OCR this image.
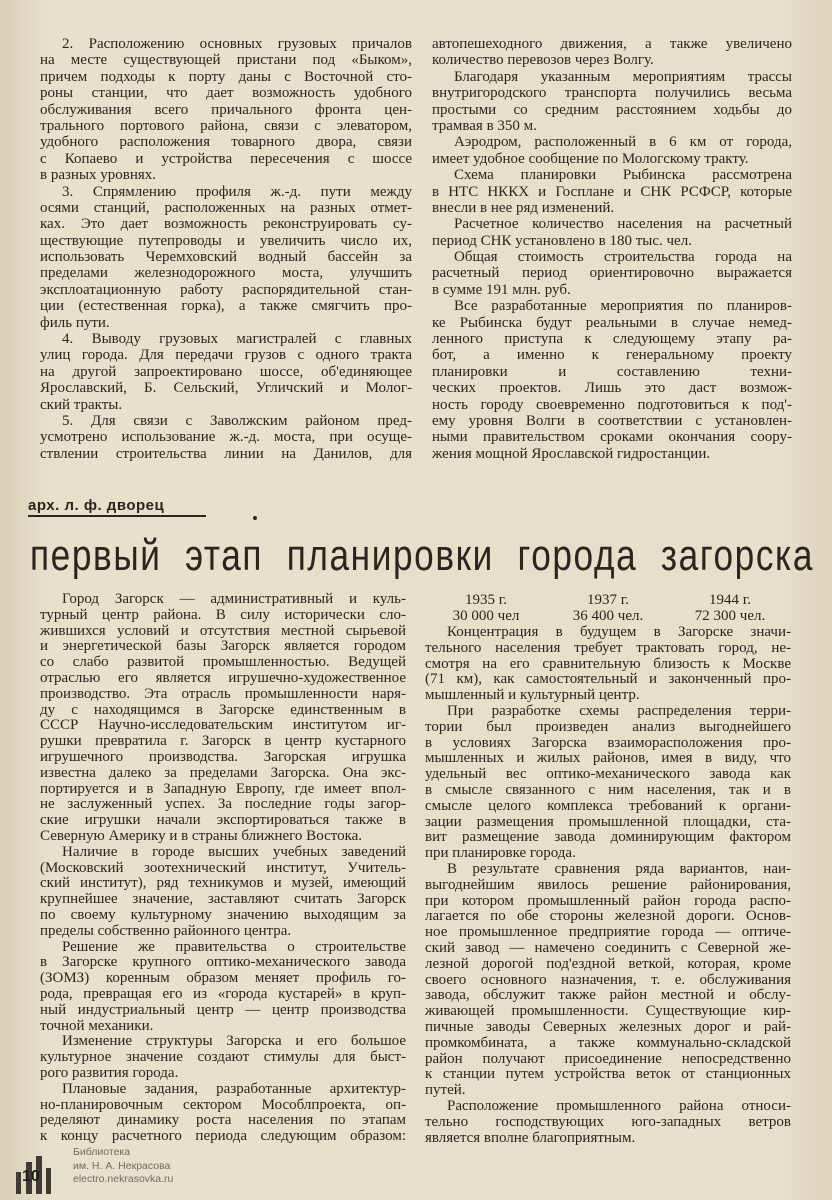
2. Расположению основных грузовых причалов
на месте существующей пристани под «Быком»,
причем подходы к порту даны с Восточной сто-
роны станции, что дает возможность удобного
обслуживания всего причального фронта цен-
трального портового района, связи с элеватором,
удобного расположения товарного двора, связи
с Копаево и устройства пересечения с шоссе
в разных уровнях.
3. Спрямлению профиля ж.-д. пути между
осями станций, расположенных на разных отмет-
ках. Это дает возможность реконструировать су-
ществующие путепроводы и увеличить число их,
использовать Черемховский водный бассейн за
пределами железнодорожного моста, улучшить
эксплоатационную работу распорядительной стан-
ции (естественная горка), а также смягчить про-
филь пути.
4. Выводу грузовых магистралей с главных
улиц города. Для передачи грузов с одного тракта
на другой запроектировано шоссе, об'единяющее
Ярославский, Б. Сельский, Угличский и Молог-
ский тракты.
5. Для связи с Заволжским районом пред-
усмотрено использование ж.-д. моста, при осуще-
ствлении строительства линии на Данилов, для
автопешеходного движения, а также увеличено
количество перевозов через Волгу.
Благодаря указанным мероприятиям трассы
внутригородского транспорта получились весьма
простыми со средним расстоянием ходьбы до
трамвая в 350 м.
Аэродром, расположенный в 6 км от города,
имеет удобное сообщение по Мологскому тракту.
Схема планировки Рыбинска рассмотрена
в НТС НККХ и Госплане и СНК РСФСР, которые
внесли в нее ряд изменений.
Расчетное количество населения на расчетный
период СНК установлено в 180 тыс. чел.
Общая стоимость строительства города на
расчетный период ориентировочно выражается
в сумме 191 млн. руб.
Все разработанные мероприятия по планиров-
ке Рыбинска будут реальными в случае немед-
ленного приступа к следующему этапу ра-
бот, а именно к генеральному проекту
планировки и составлению техни-
ческих проектов. Лишь это даст возмож-
ность городу своевременно подготовиться к под'-
ему уровня Волги в соответствии с установлен-
ными правительством сроками окончания соору-
жения мощной Ярославской гидростанции.
арх. л. ф. дворец
первый этап планировки города загорска
Город Загорск — административный и куль-
турный центр района. В силу исторически сло-
жившихся условий и отсутствия местной сырьевой
и энергетической базы Загорск является городом
со слабо развитой промышленностью. Ведущей
отраслью его является игрушечно-художественное
производство. Эта отрасль промышленности наря-
ду с находящимся в Загорске единственным в
СССР Научно-исследовательским институтом иг-
рушки превратила г. Загорск в центр кустарного
игрушечного производства. Загорская игрушка
известна далеко за пределами Загорска. Она экс-
портируется и в Западную Европу, где имеет впол-
не заслуженный успех. За последние годы загор-
ские игрушки начали экспортироваться также в
Северную Америку и в страны ближнего Востока.
Наличие в городе высших учебных заведений
(Московский зоотехнический институт, Учитель-
ский институт), ряд техникумов и музей, имеющий
крупнейшее значение, заставляют считать Загорск
по своему культурному значению выходящим за
пределы собственно районного центра.
Решение же правительства о строительстве
в Загорске крупного оптико-механического завода
(ЗОМЗ) коренным образом меняет профиль го-
рода, превращая его из «города кустарей» в круп-
ный индустриальный центр — центр производства
точной механики.
Изменение структуры Загорска и его большое
культурное значение создают стимулы для быст-
рого развития города.
Плановые задания, разработанные архитектур-
но-планировочным сектором Мособлпроекта, оп-
ределяют динамику роста населения по этапам
к концу расчетного периода следующим образом:
1935 г.	1937 г.	1944 г.
30 000 чел	36 400 чел.	72 300 чел.
Концентрация в будущем в Загорске значи-
тельного населения требует трактовать город, не-
смотря на его сравнительную близость к Москве
(71 км), как самостоятельный и законченный про-
мышленный и культурный центр.
При разработке схемы распределения терри-
тории был произведен анализ выгоднейшего
в условиях Загорска взаиморасположения про-
мышленных и жилых районов, имея в виду, что
удельный вес оптико-механического завода как
в смысле связанного с ним населения, так и в
смысле целого комплекса требований к органи-
зации размещения промышленной площадки, ста-
вит размещение завода доминирующим фактором
при планировке города.
В результате сравнения ряда вариантов, наи-
выгоднейшим явилось решение районирования,
при котором промышленный район города распо-
лагается по обе стороны железной дороги. Основ-
ное промышленное предприятие города — оптиче-
ский завод — намечено соединить с Северной же-
лезной дорогой под'ездной веткой, которая, кроме
своего основного назначения, т. е. обслуживания
завода, обслужит также район местной и обслу-
живающей промышленности. Существующие кир-
пичные заводы Северных железных дорог и рай-
промкомбината, а также коммунально-складской
район получают присоединение непосредственно
к станции путем устройства веток от станционных
путей.
Расположение промышленного района относи-
тельно господствующих юго-западных ветров
является вполне благоприятным.
10
Библиотека
им. Н. А. Некрасова
electro.nekrasovka.ru
